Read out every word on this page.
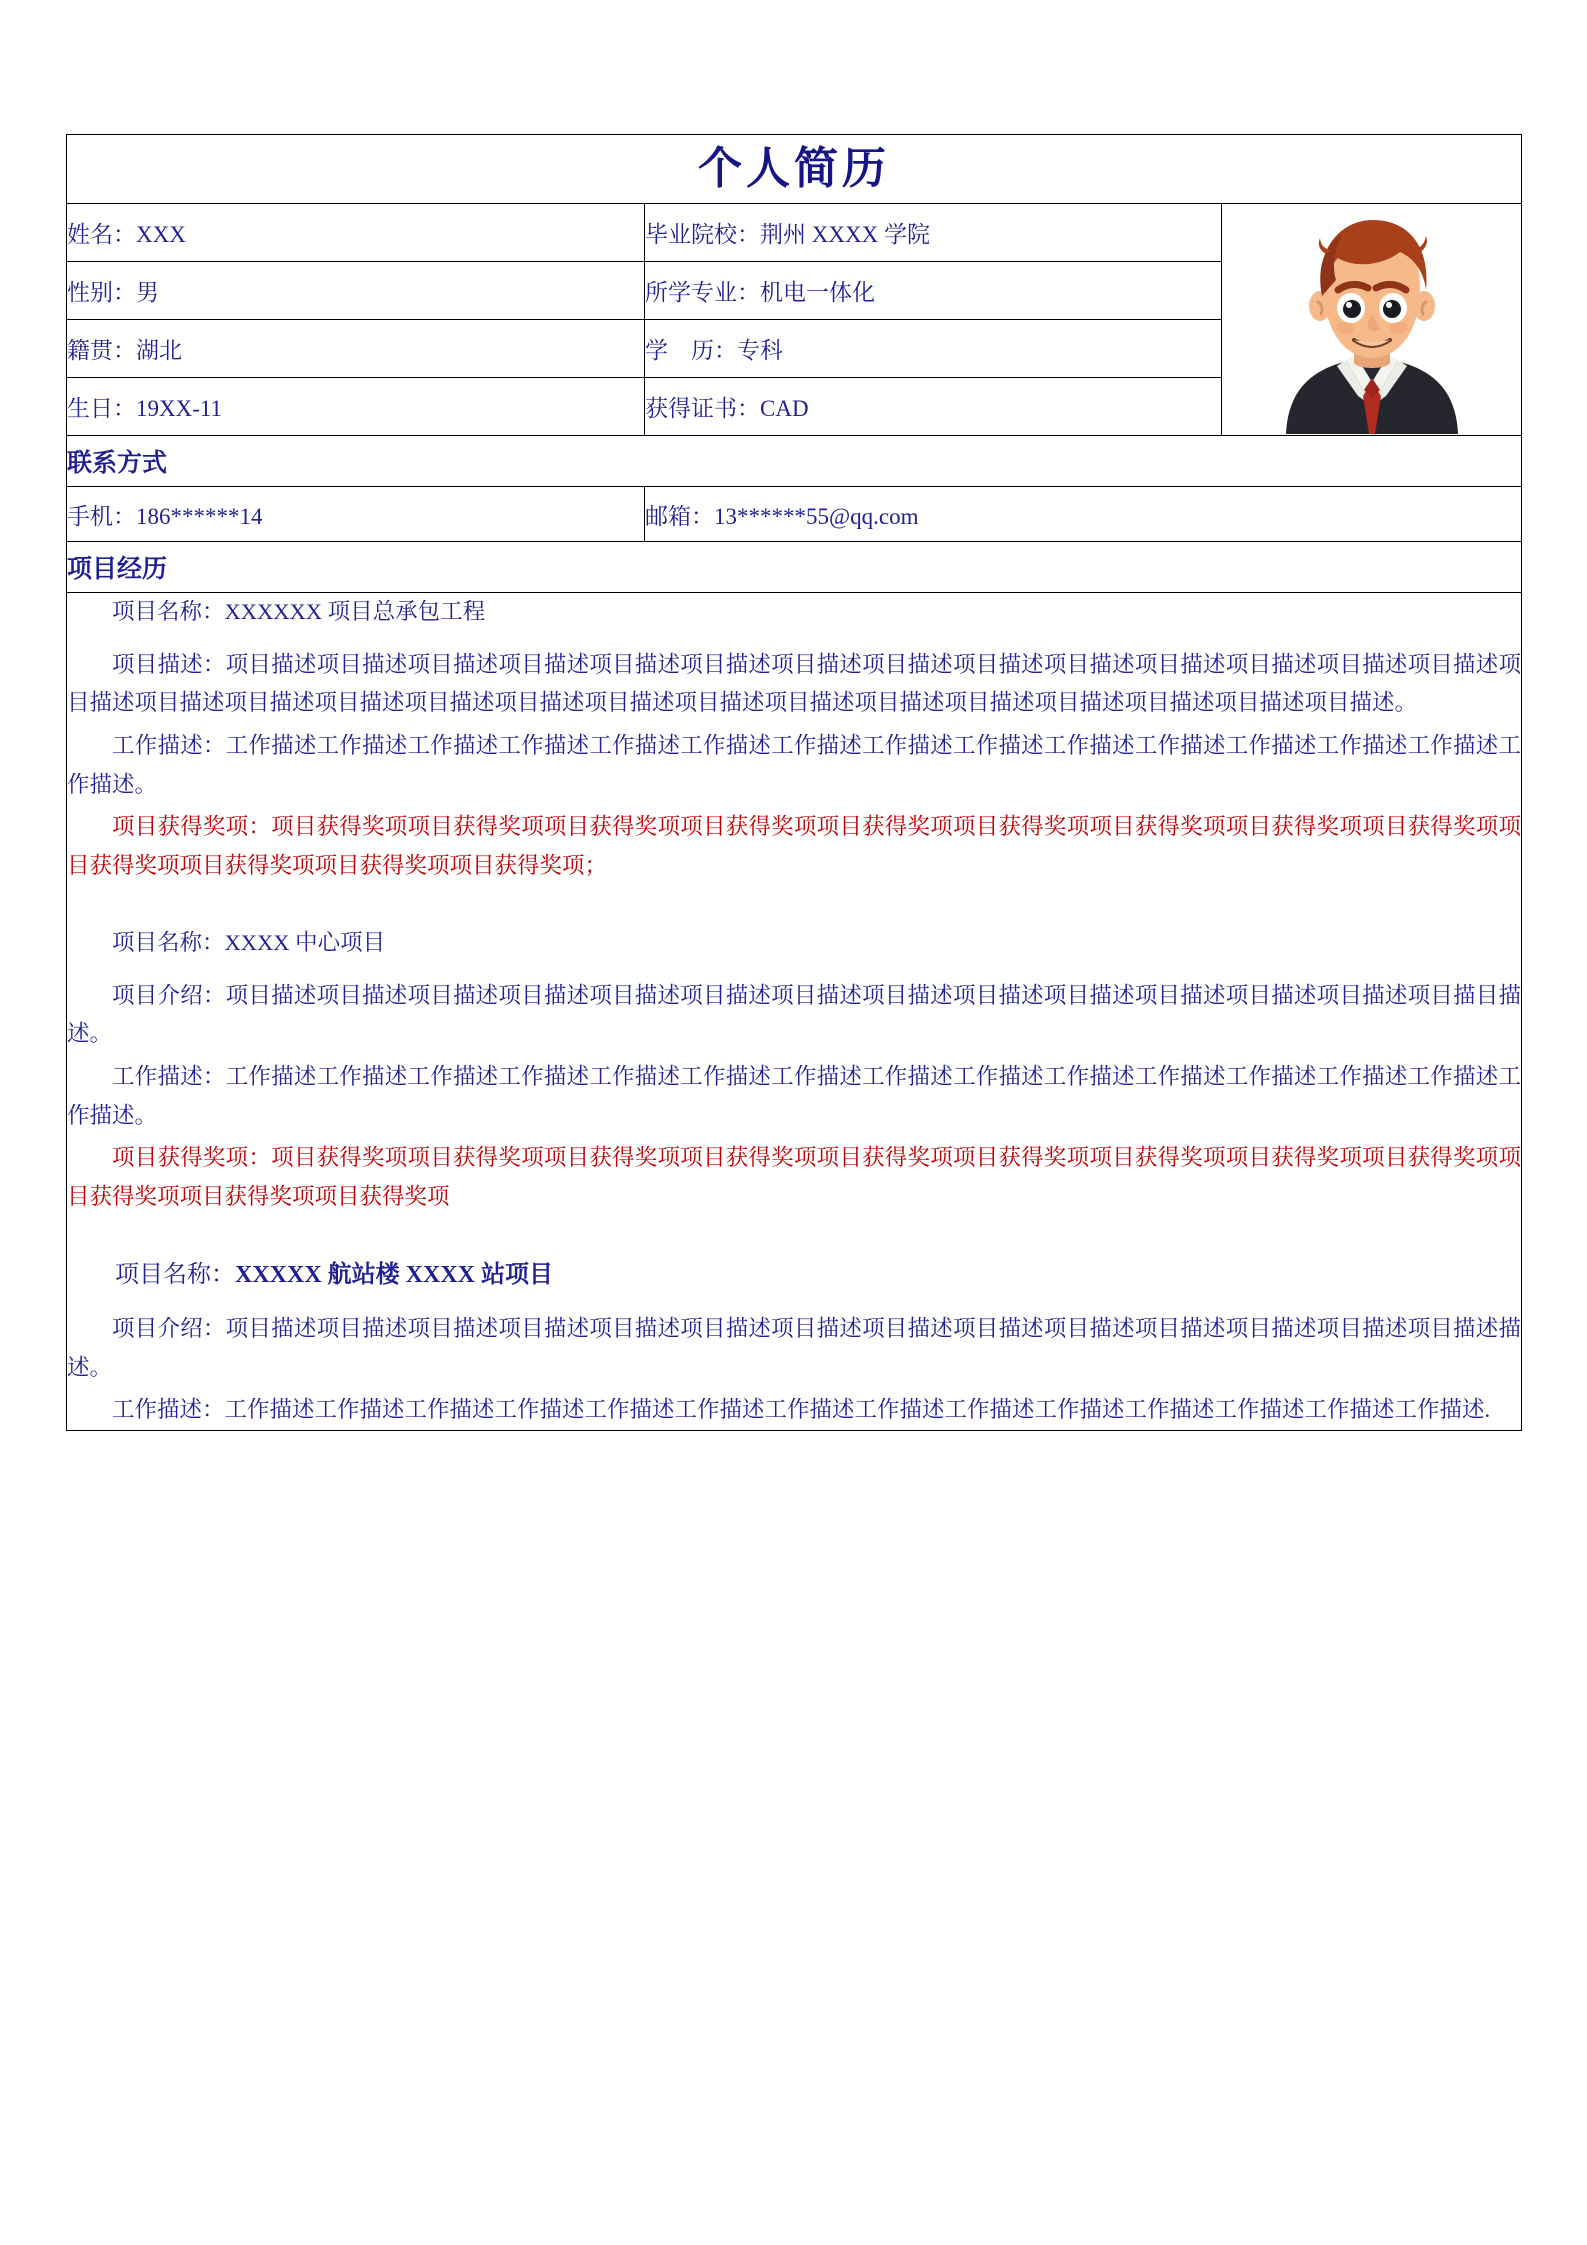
个人简历		
姓名：XXX	毕业院校：荆州 XXXX 学院	

性别：男	所学专业：机电一体化	
籍贯：湖北	学    历：专科	
生日：19XX-11	获得证书：CAD	
联系方式		
手机：186******14	邮箱：13******55@qq.com	
项目经历		

项目名称：XXXXXX 项目总承包工程

项目描述：项目描述项目描述项目描述项目描述项目描述项目描述项目描述项目描述项目描述项目描述项目描述项目描述项目描述项目描述项目描述项目描述项目描述项目描述项目描述项目描述项目描述项目描述项目描述项目描述项目描述项目描述项目描述项目描述项目描述。

工作描述：工作描述工作描述工作描述工作描述工作描述工作描述工作描述工作描述工作描述工作描述工作描述工作描述工作描述工作描述工作描述。

项目获得奖项：项目获得奖项项目获得奖项项目获得奖项项目获得奖项项目获得奖项项目获得奖项项目获得奖项项目获得奖项项目获得奖项项目获得奖项项目获得奖项项目获得奖项项目获得奖项；

项目名称：XXXX 中心项目

项目介绍：项目描述项目描述项目描述项目描述项目描述项目描述项目描述项目描述项目描述项目描述项目描述项目描述项目描述项目描目描述。

工作描述：工作描述工作描述工作描述工作描述工作描述工作描述工作描述工作描述工作描述工作描述工作描述工作描述工作描述工作描述工作描述。

项目获得奖项：项目获得奖项项目获得奖项项目获得奖项项目获得奖项项目获得奖项项目获得奖项项目获得奖项项目获得奖项项目获得奖项项目获得奖项项目获得奖项项目获得奖项

项目名称：XXXXX 航站楼 XXXX 站项目

项目介绍：项目描述项目描述项目描述项目描述项目描述项目描述项目描述项目描述项目描述项目描述项目描述项目描述项目描述项目描述描述。

工作描述：工作描述工作描述工作描述工作描述工作描述工作描述工作描述工作描述工作描述工作描述工作描述工作描述工作描述工作描述.
